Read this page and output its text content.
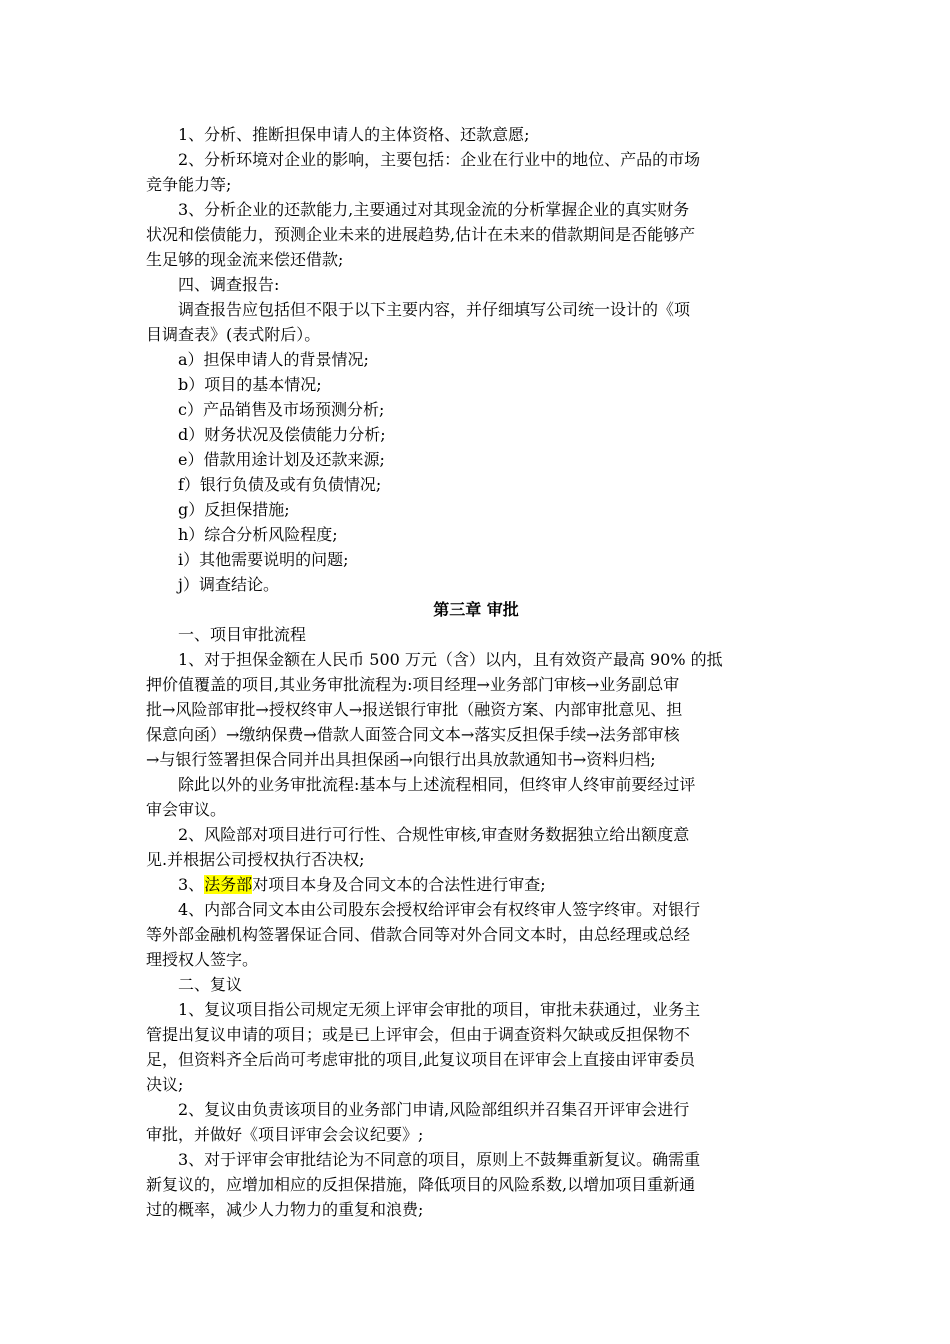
1、分析、推断担保申请人的主体资格、还款意愿;
2、分析环境对企业的影响，主要包括：企业在行业中的地位、产品的市场
竞争能力等;
3、分析企业的还款能力,主要通过对其现金流的分析掌握企业的真实财务
状况和偿债能力，预测企业未来的进展趋势,估计在未来的借款期间是否能够产
生足够的现金流来偿还借款;
四、调查报告:
调查报告应包括但不限于以下主要内容，并仔细填写公司统一设计的《项
目调查表》(表式附后）。
a）担保申请人的背景情况;
b）项目的基本情况;
c）产品销售及市场预测分析;
d）财务状况及偿债能力分析;
e）借款用途计划及还款来源;
f）银行负债及或有负债情况;
g）反担保措施;
h）综合分析风险程度;
i）其他需要说明的问题;
j）调查结论。
第三章 审批
一、项目审批流程
1、对于担保金额在人民币 500 万元（含）以内，且有效资产最高 90% 的抵
押价值覆盖的项目,其业务审批流程为:项目经理→业务部门审核→业务副总审
批→风险部审批→授权终审人→报送银行审批（融资方案、内部审批意见、担
保意向函）→缴纳保费→借款人面签合同文本→落实反担保手续→法务部审核
→与银行签署担保合同并出具担保函→向银行出具放款通知书→资料归档;
除此以外的业务审批流程:基本与上述流程相同，但终审人终审前要经过评
审会审议。
2、风险部对项目进行可行性、合规性审核,审查财务数据独立给出额度意
见.并根据公司授权执行否决权;
3、法务部对项目本身及合同文本的合法性进行审查;
4、内部合同文本由公司股东会授权给评审会有权终审人签字终审。对银行
等外部金融机构签署保证合同、借款合同等对外合同文本时，由总经理或总经
理授权人签字。
二、复议
1、复议项目指公司规定无须上评审会审批的项目，审批未获通过，业务主
管提出复议申请的项目；或是已上评审会，但由于调查资料欠缺或反担保物不
足，但资料齐全后尚可考虑审批的项目,此复议项目在评审会上直接由评审委员
决议;
2、复议由负责该项目的业务部门申请,风险部组织并召集召开评审会进行
审批，并做好《项目评审会会议纪要》;
3、对于评审会审批结论为不同意的项目，原则上不鼓舞重新复议。确需重
新复议的，应增加相应的反担保措施，降低项目的风险系数,以增加项目重新通
过的概率，减少人力物力的重复和浪费;
